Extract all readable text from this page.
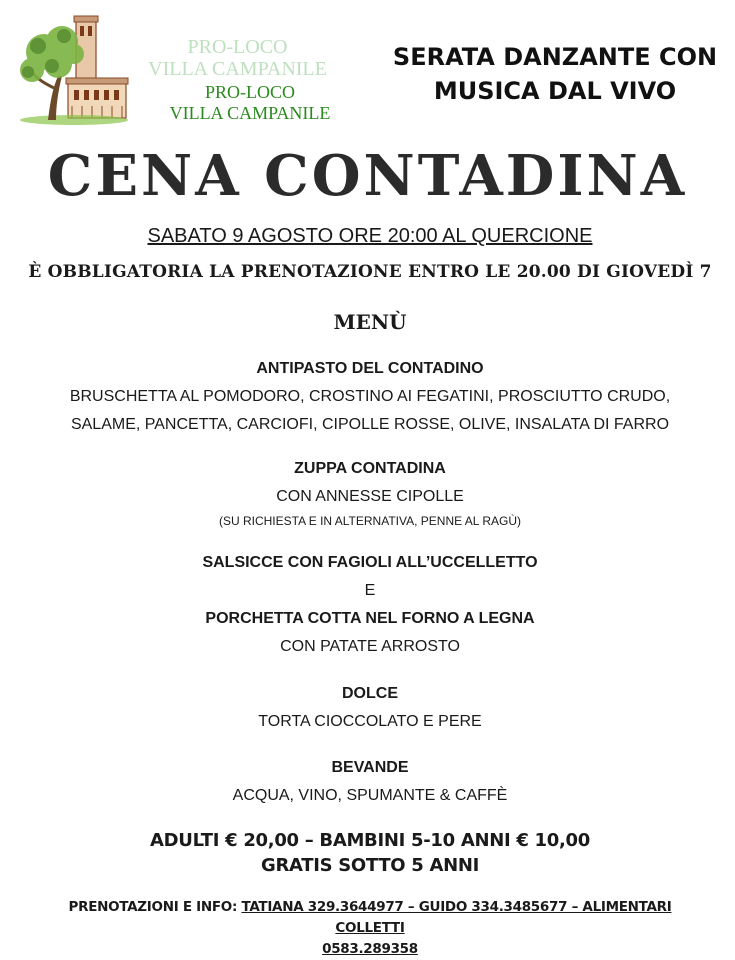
PRO-LOCO
VILLA CAMPANILE
PRO-LOCO
VILLA CAMPANILE
SERATA DANZANTE CON
MUSICA DAL VIVO
CENA CONTADINA
SABATO 9 AGOSTO ORE 20:00 AL QUERCIONE
È OBBLIGATORIA LA PRENOTAZIONE ENTRO LE 20.00 DI GIOVEDÌ 7
MENÙ
ANTIPASTO DEL CONTADINO
BRUSCHETTA AL POMODORO, CROSTINO AI FEGATINI, PROSCIUTTO CRUDO,
SALAME, PANCETTA, CARCIOFI, CIPOLLE ROSSE, OLIVE, INSALATA DI FARRO
ZUPPA CONTADINA
CON ANNESSE CIPOLLE
(SU RICHIESTA E IN ALTERNATIVA, PENNE AL RAGÙ)
SALSICCE CON FAGIOLI ALL’UCCELLETTO
E
PORCHETTA COTTA NEL FORNO A LEGNA
CON PATATE ARROSTO
DOLCE
TORTA CIOCCOLATO E PERE
BEVANDE
ACQUA, VINO, SPUMANTE & CAFFÈ
ADULTI € 20,00 – BAMBINI 5-10 ANNI € 10,00
GRATIS SOTTO 5 ANNI
PRENOTAZIONI E INFO: TATIANA 329.3644977 – GUIDO 334.3485677 – ALIMENTARI COLLETTI
0583.289358
